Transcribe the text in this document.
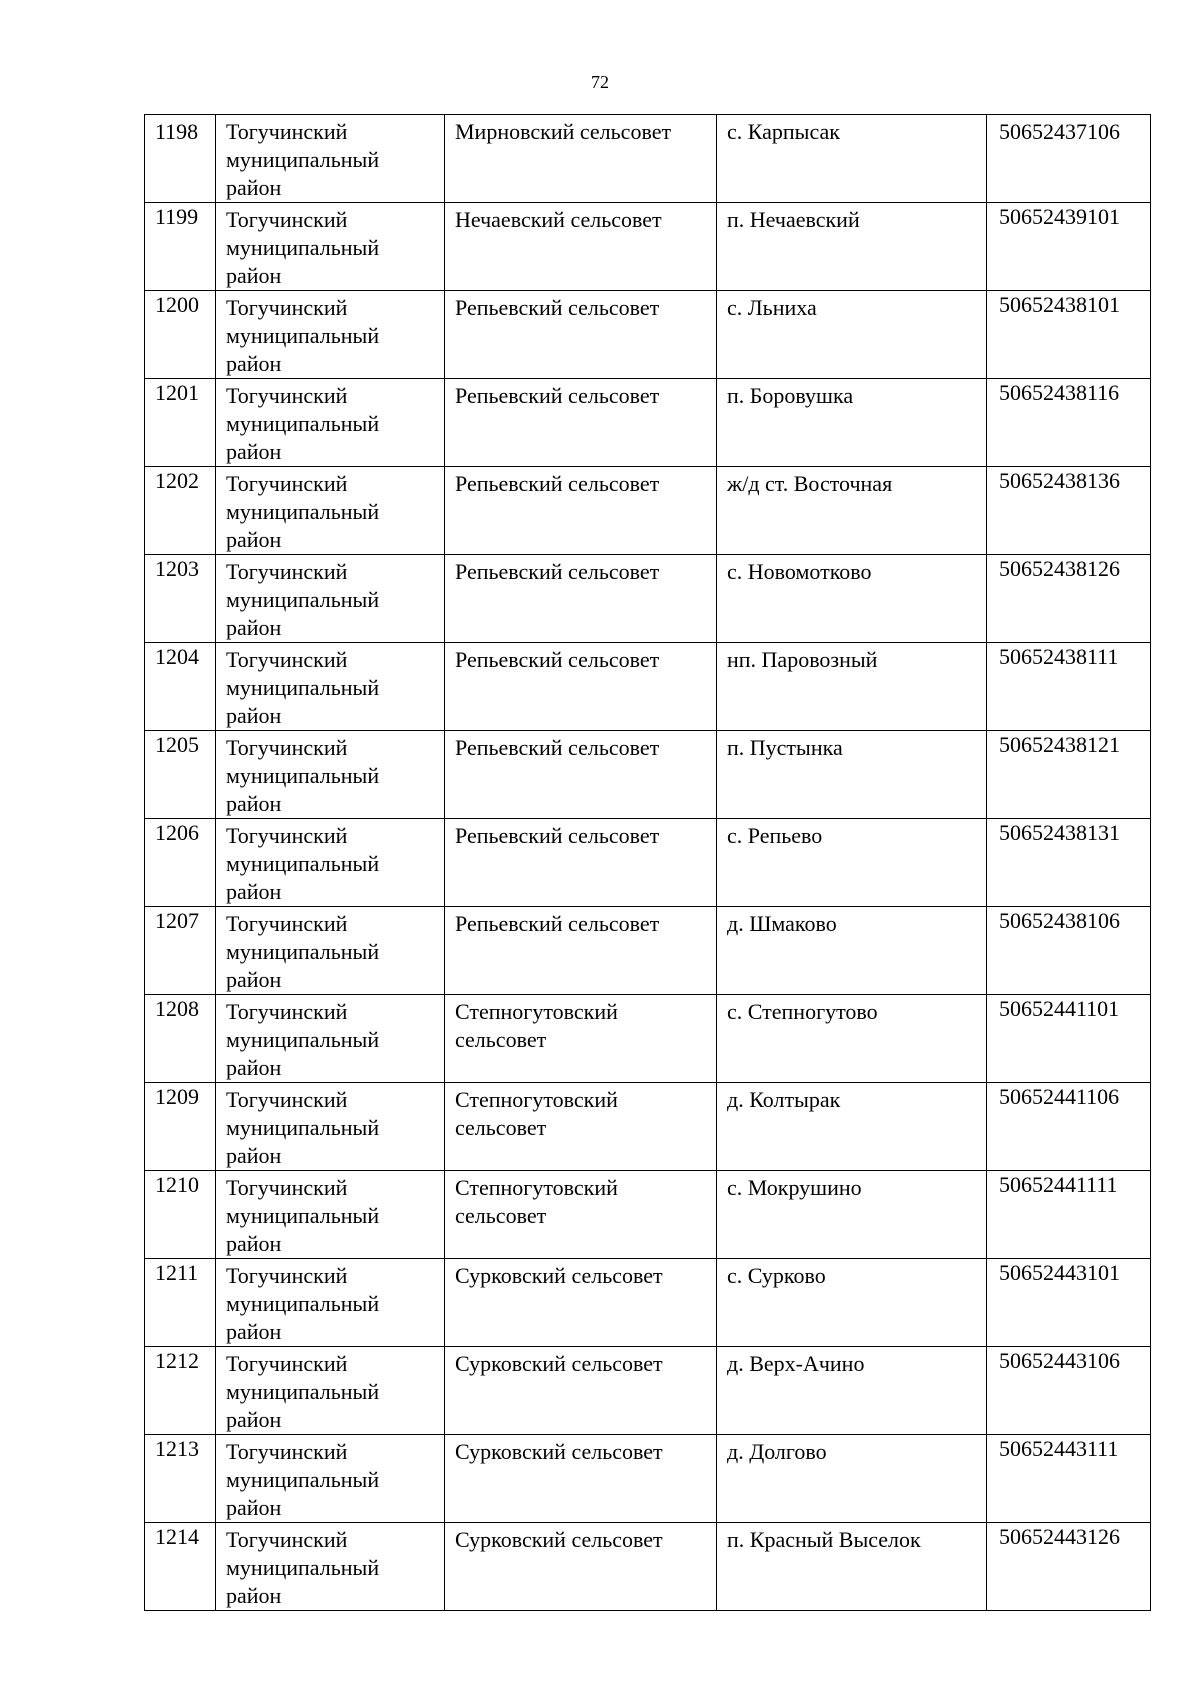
72
1198	Тогучинский муниципальный район	Мирновский сельсовет	с. Карпысак	50652437106
1199	Тогучинский муниципальный район	Нечаевский сельсовет	п. Нечаевский	50652439101
1200	Тогучинский муниципальный район	Репьевский сельсовет	с. Льниха	50652438101
1201	Тогучинский муниципальный район	Репьевский сельсовет	п. Боровушка	50652438116
1202	Тогучинский муниципальный район	Репьевский сельсовет	ж/д ст. Восточная	50652438136
1203	Тогучинский муниципальный район	Репьевский сельсовет	с. Новомотково	50652438126
1204	Тогучинский муниципальный район	Репьевский сельсовет	нп. Паровозный	50652438111
1205	Тогучинский муниципальный район	Репьевский сельсовет	п. Пустынка	50652438121
1206	Тогучинский муниципальный район	Репьевский сельсовет	с. Репьево	50652438131
1207	Тогучинский муниципальный район	Репьевский сельсовет	д. Шмаково	50652438106
1208	Тогучинский муниципальный район	Степногутовский сельсовет	с. Степногутово	50652441101
1209	Тогучинский муниципальный район	Степногутовский сельсовет	д. Колтырак	50652441106
1210	Тогучинский муниципальный район	Степногутовский сельсовет	с. Мокрушино	50652441111
1211	Тогучинский муниципальный район	Сурковский сельсовет	с. Сурково	50652443101
1212	Тогучинский муниципальный район	Сурковский сельсовет	д. Верх-Ачино	50652443106
1213	Тогучинский муниципальный район	Сурковский сельсовет	д. Долгово	50652443111
1214	Тогучинский муниципальный район	Сурковский сельсовет	п. Красный Выселок	50652443126
